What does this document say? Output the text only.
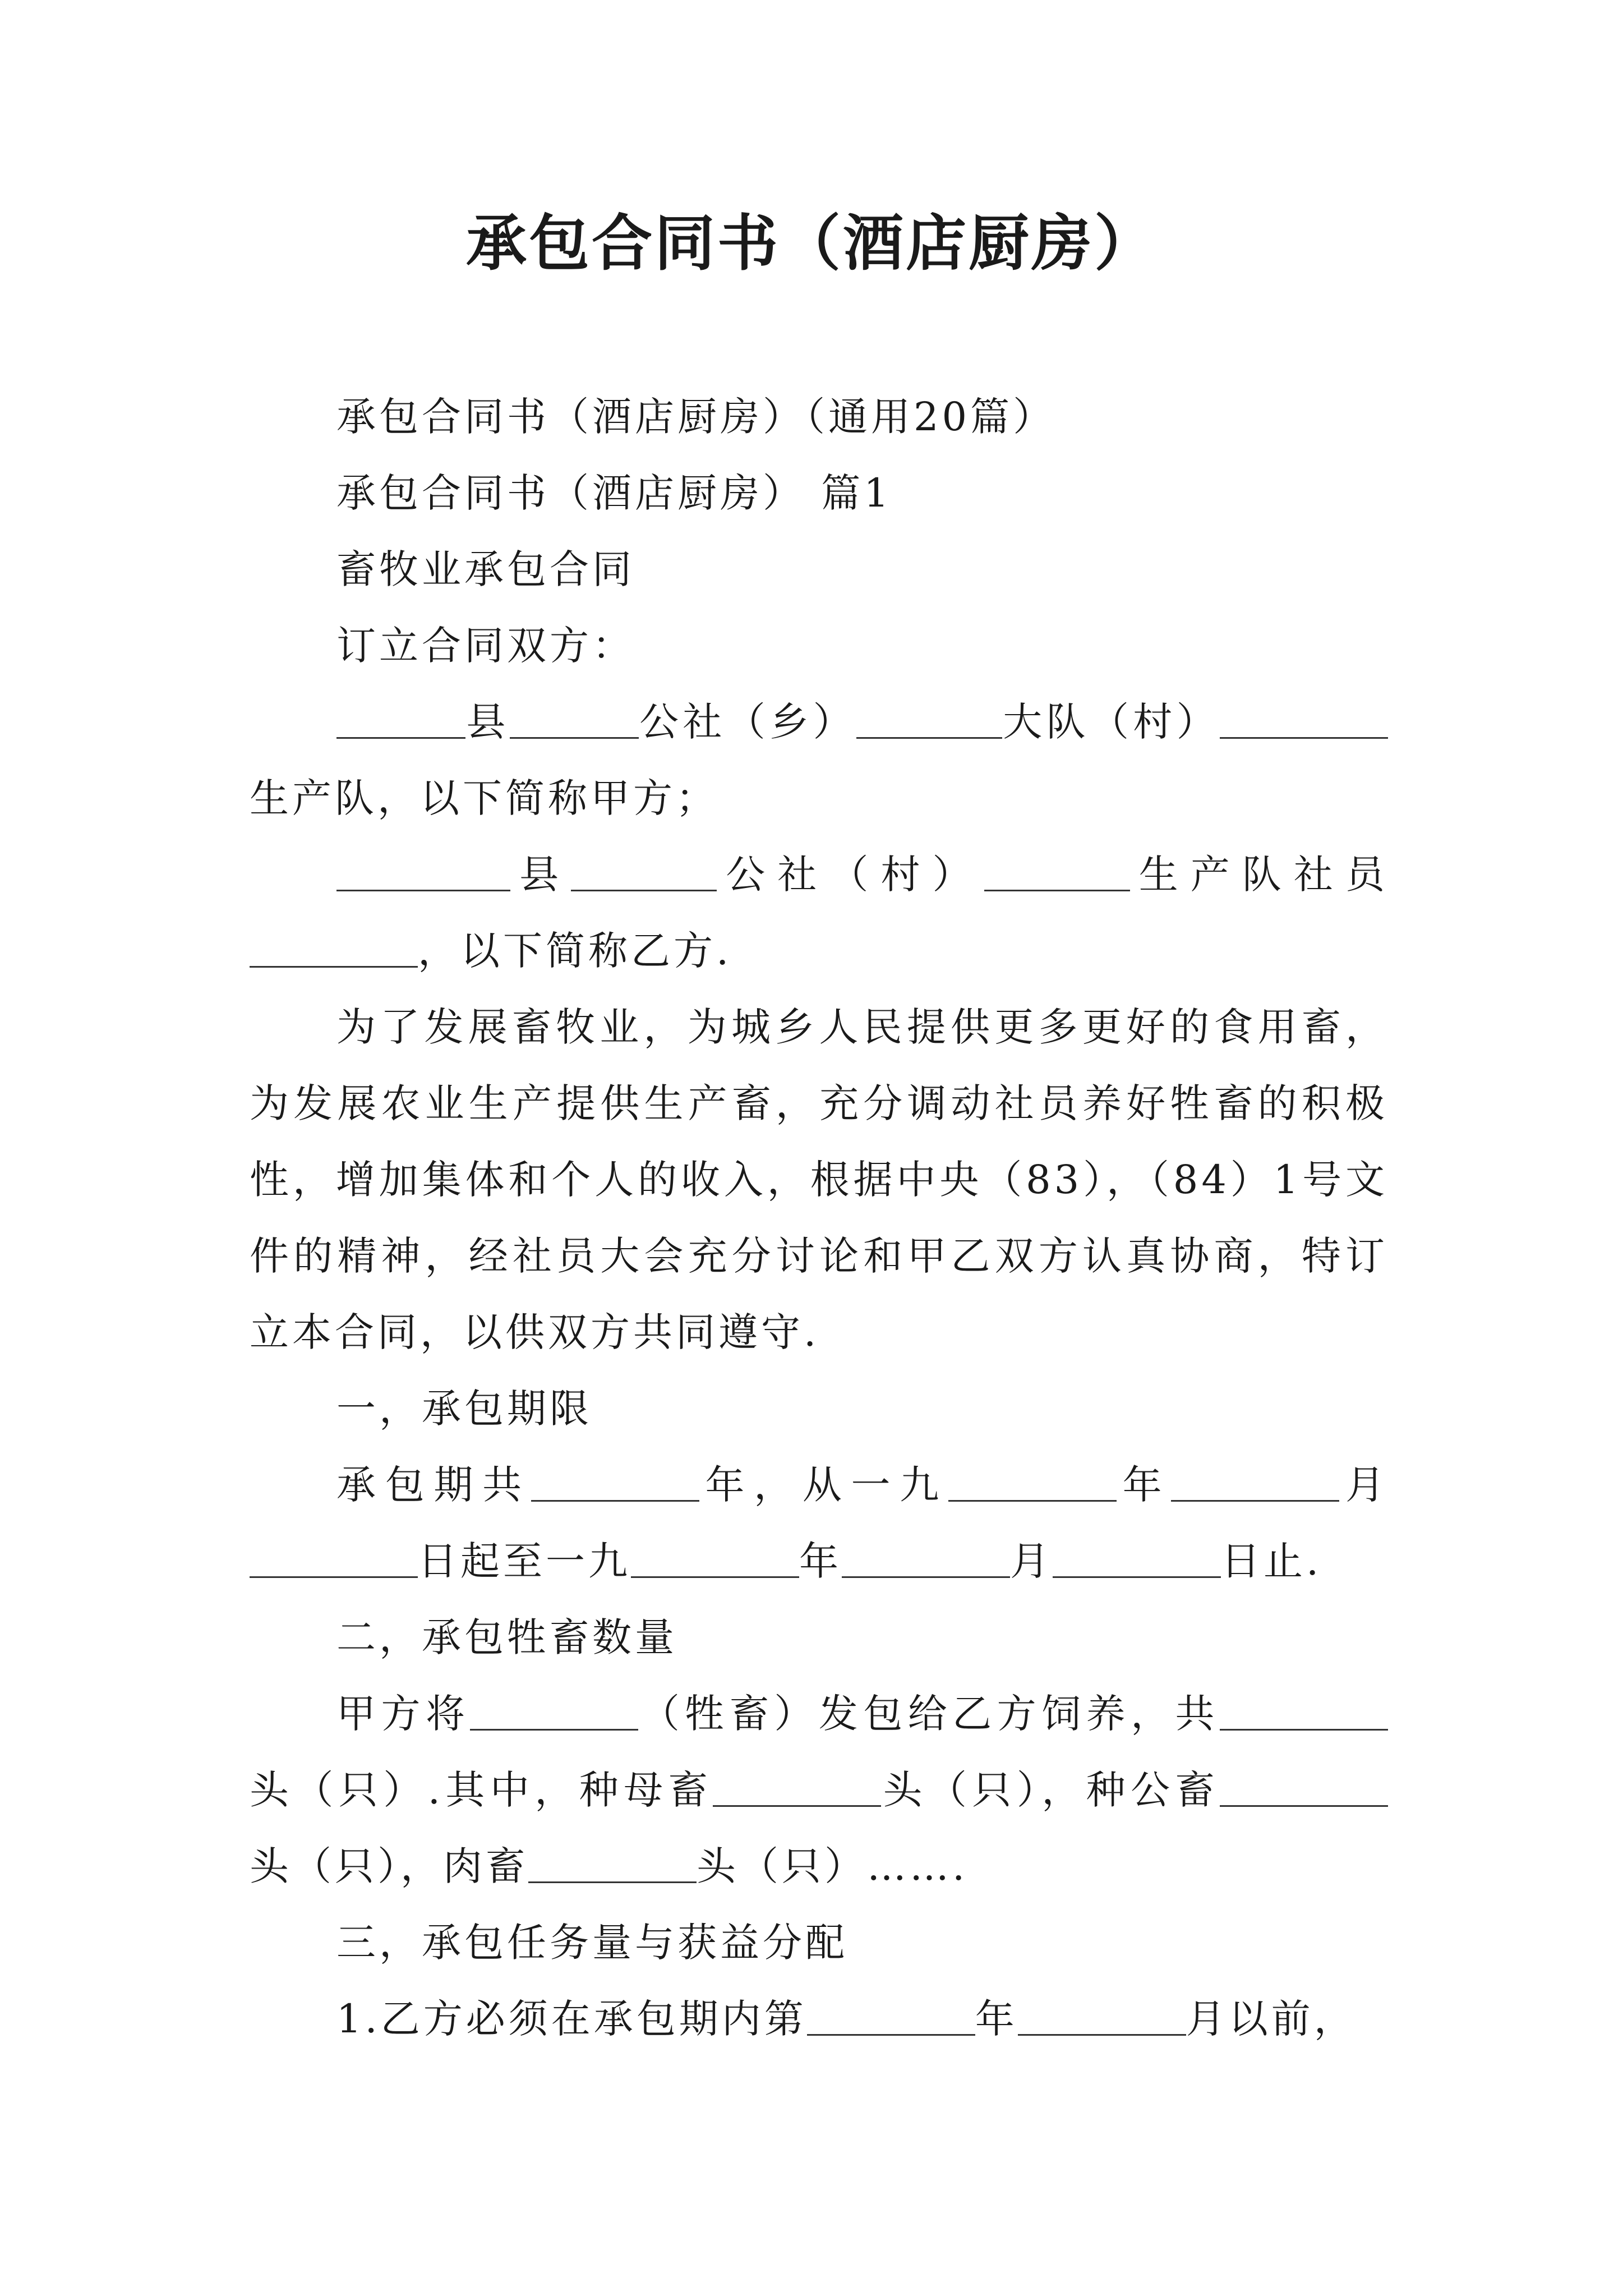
承包合同书（酒店厨房）

承包合同书（酒店厨房）（通用20篇）

承包合同书（酒店厨房） 篇1

畜牧业承包合同

订立合同双方：

县	公社（乡）	大队（村）生产队，以下简称甲方；

县	公社（村）	生产队社员，以下简称乙方.

为了发展畜牧业，为城乡人民提供更多更好的食用畜，为发展农业生产提供生产畜，充分调动社员养好牲畜的积极性，增加集体和个人的收入，根据中央（83），（84）1号文件的精神，经社员大会充分讨论和甲乙双方认真协商，特订立本合同，以供双方共同遵守.

一，承包期限

承包期共	年，从一九	年	月日起至一九	年	月	日止.

二，承包牲畜数量

甲方将	（牲畜）发包给乙方饲养，共头（只）.其中，种母畜	头（只），种公畜头（只），肉畜	头（只）…….

三，承包任务量与获益分配

1.乙方必须在承包期内第	年	月以前，
